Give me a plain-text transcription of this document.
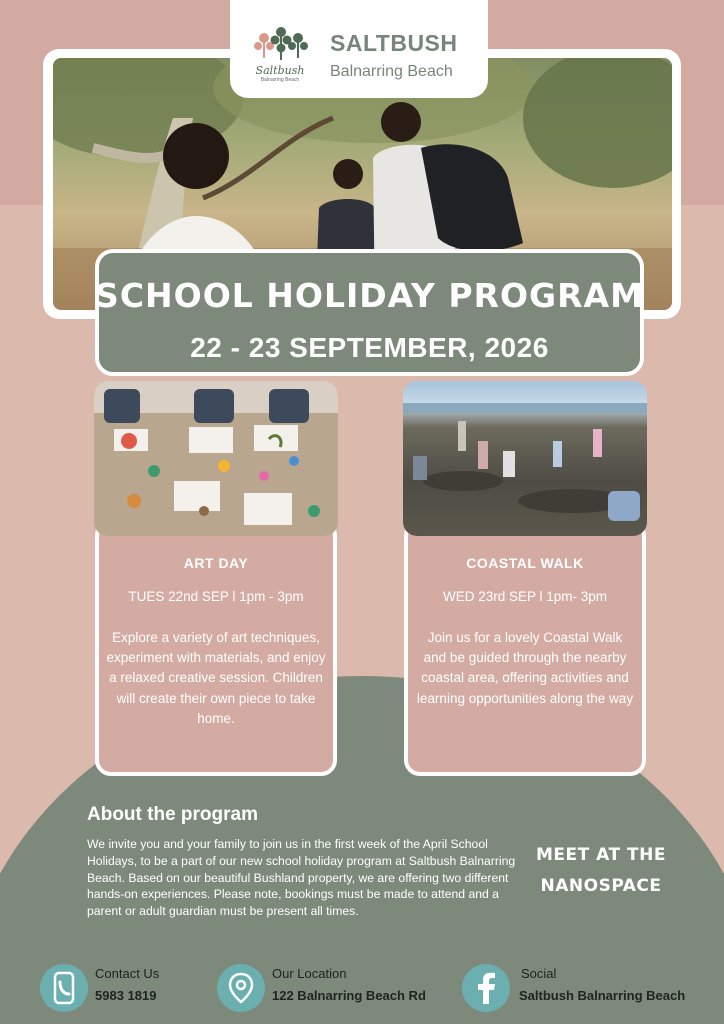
Saltbush
Balnarring Beach
SALTBUSH
Balnarring Beach
SCHOOL HOLIDAY PROGRAM
22 - 23 SEPTEMBER, 2026
ART DAY
TUES 22nd SEP l 1pm - 3pm
Explore a variety of art techniques, experiment with materials, and enjoy a relaxed creative session. Children will create their own piece to take home.
COASTAL WALK
WED 23rd SEP l 1pm- 3pm
Join us for a lovely Coastal Walk and be guided through the nearby coastal area, offering activities and learning opportunities along the way
About the program
We invite you and your family to join us in the first week of the April School Holidays, to be a part of our new school holiday program at Saltbush Balnarring Beach. Based on our beautiful Bushland property, we are offering two different hands-on experiences. Please note, bookings must be made to attend and a parent or adult guardian must be present all times.
MEET AT THE
NANOSPACE
Contact Us
5983 1819
Our Location
122 Balnarring Beach Rd
Social
Saltbush Balnarring Beach
